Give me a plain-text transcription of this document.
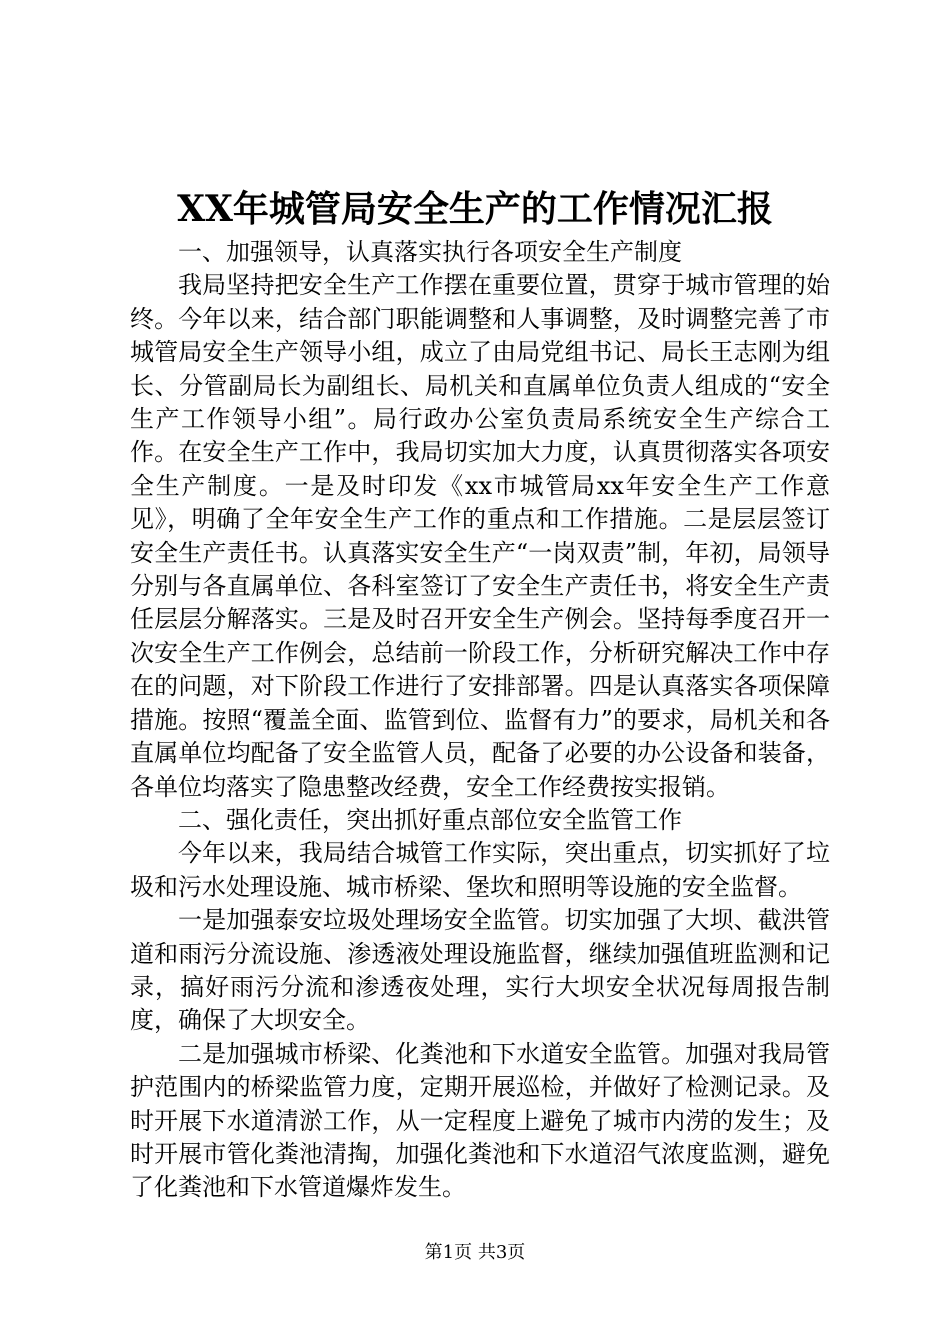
XX年城管局安全生产的工作情况汇报

一、加强领导，认真落实执行各项安全生产制度

我局坚持把安全生产工作摆在重要位置，贯穿于城市管理的始终。今年以来，结合部门职能调整和人事调整，及时调整完善了市城管局安全生产领导小组，成立了由局党组书记、局长王志刚为组长、分管副局长为副组长、局机关和直属单位负责人组成的“安全生产工作领导小组”。局行政办公室负责局系统安全生产综合工作。在安全生产工作中，我局切实加大力度，认真贯彻落实各项安全生产制度。一是及时印发《xx市城管局xx年安全生产工作意见》，明确了全年安全生产工作的重点和工作措施。二是层层签订安全生产责任书。认真落实安全生产“一岗双责”制，年初，局领导分别与各直属单位、各科室签订了安全生产责任书，将安全生产责任层层分解落实。三是及时召开安全生产例会。坚持每季度召开一次安全生产工作例会，总结前一阶段工作，分析研究解决工作中存在的问题，对下阶段工作进行了安排部署。四是认真落实各项保障措施。按照“覆盖全面、监管到位、监督有力”的要求，局机关和各直属单位均配备了安全监管人员，配备了必要的办公设备和装备，各单位均落实了隐患整改经费，安全工作经费按实报销。

二、强化责任，突出抓好重点部位安全监管工作

今年以来，我局结合城管工作实际，突出重点，切实抓好了垃圾和污水处理设施、城市桥梁、堡坎和照明等设施的安全监督。

一是加强泰安垃圾处理场安全监管。切实加强了大坝、截洪管道和雨污分流设施、渗透液处理设施监督，继续加强值班监测和记录，搞好雨污分流和渗透夜处理，实行大坝安全状况每周报告制度，确保了大坝安全。

二是加强城市桥梁、化粪池和下水道安全监管。加强对我局管护范围内的桥梁监管力度，定期开展巡检，并做好了检测记录。及时开展下水道清淤工作，从一定程度上避免了城市内涝的发生；及时开展市管化粪池清掏，加强化粪池和下水道沼气浓度监测，避免了化粪池和下水管道爆炸发生。

第1页 共3页
